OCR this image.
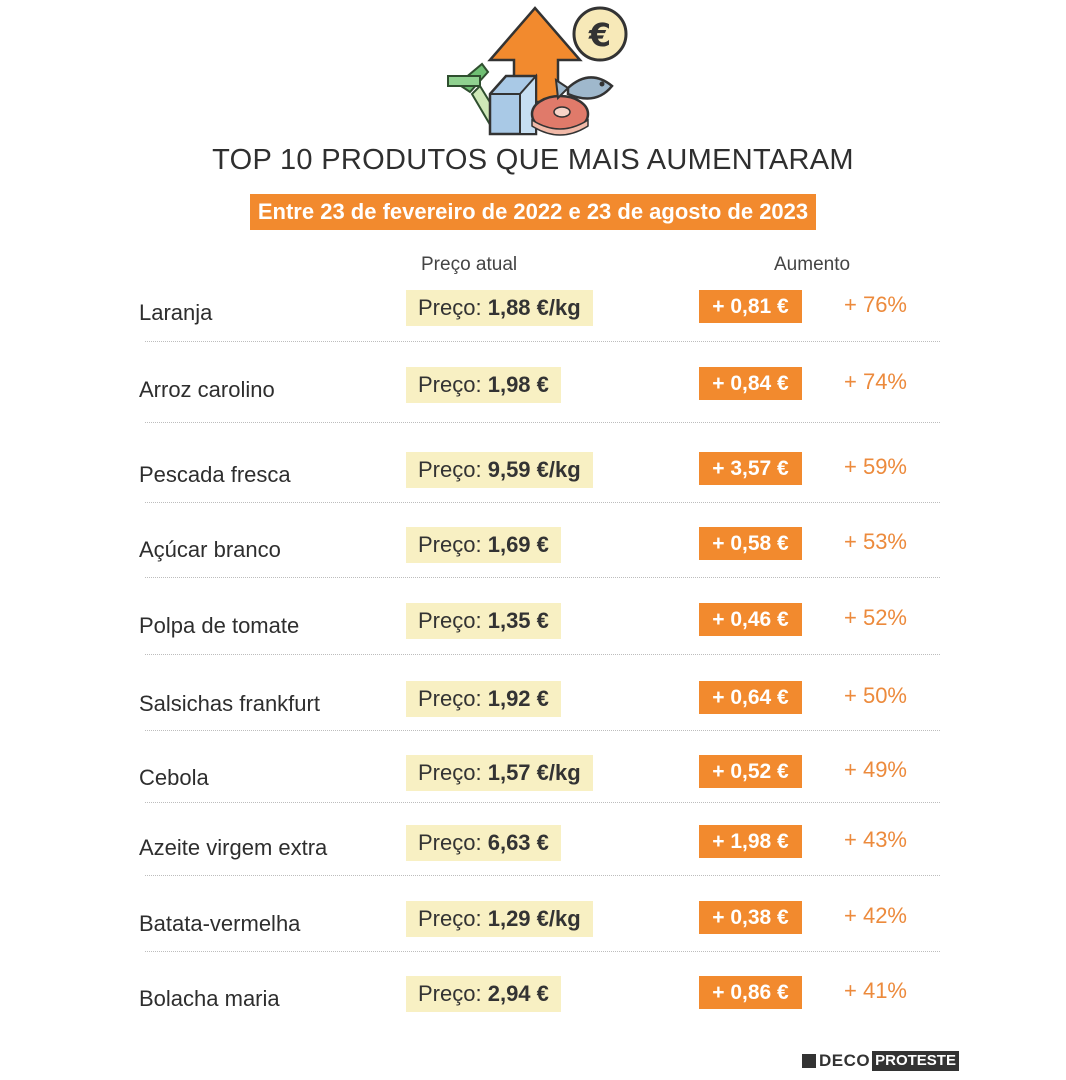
€
TOP 10 PRODUTOS QUE MAIS AUMENTARAM
Entre 23 de fevereiro de 2022 e 23 de agosto de 2023
Preço atual	Aumento
Laranja	Preço: 1,88 €/kg	+ 0,81 €	+ 76%
Arroz carolino	Preço: 1,98 €	+ 0,84 €	+ 74%
Pescada fresca	Preço: 9,59 €/kg	+ 3,57 €	+ 59%
Açúcar branco	Preço: 1,69 €	+ 0,58 €	+ 53%
Polpa de tomate	Preço: 1,35 €	+ 0,46 €	+ 52%
Salsichas frankfurt	Preço: 1,92 €	+ 0,64 €	+ 50%
Cebola	Preço: 1,57 €/kg	+ 0,52 €	+ 49%
Azeite virgem extra	Preço: 6,63 €	+ 1,98 €	+ 43%
Batata-vermelha	Preço: 1,29 €/kg	+ 0,38 €	+ 42%
Bolacha maria	Preço: 2,94 €	+ 0,86 €	+ 41%
DECO PROTESTE
